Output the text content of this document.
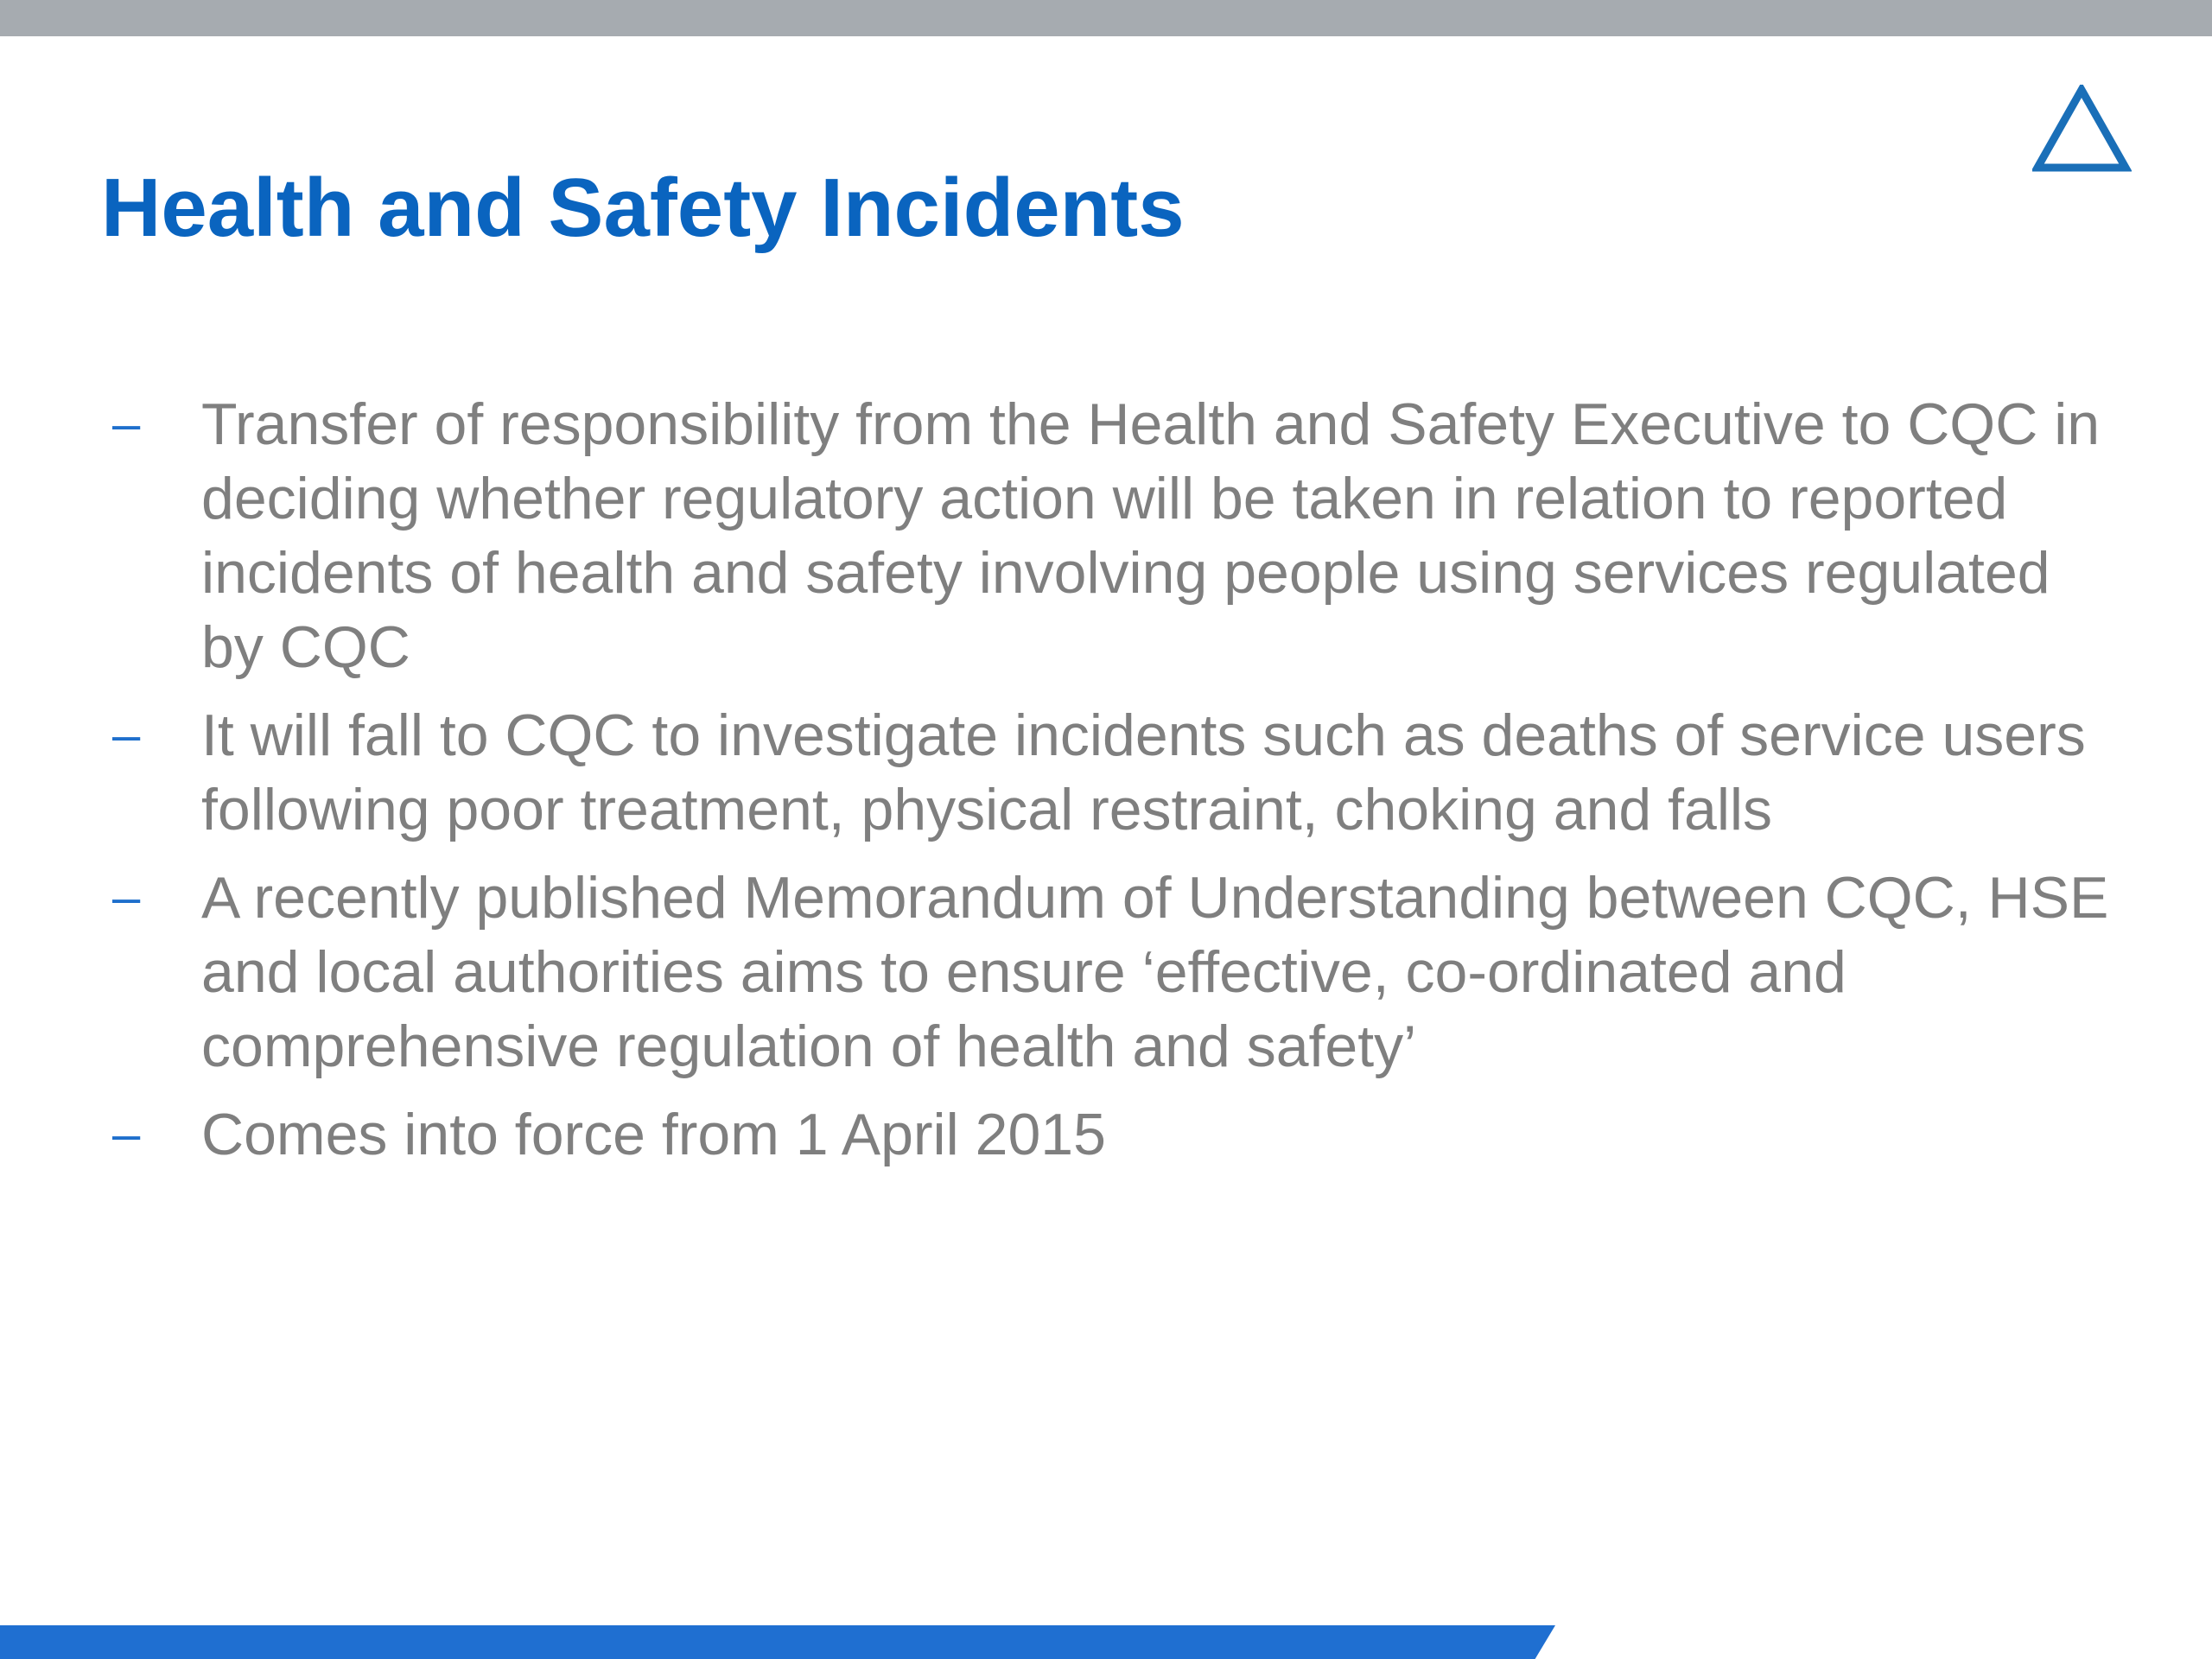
Health and Safety Incidents
–	Transfer of responsibility from the Health and Safety Executive to CQC in deciding whether regulatory action will be taken in relation to reported incidents of health and safety involving people using services regulated by CQC
–	It will fall to CQC to investigate incidents such as deaths of service users following poor treatment, physical restraint, choking and falls
–	A recently published Memorandum of Understanding between CQC, HSE and local authorities aims to ensure ‘effective, co-ordinated and comprehensive regulation of health and safety’
–	Comes into force from 1 April 2015
